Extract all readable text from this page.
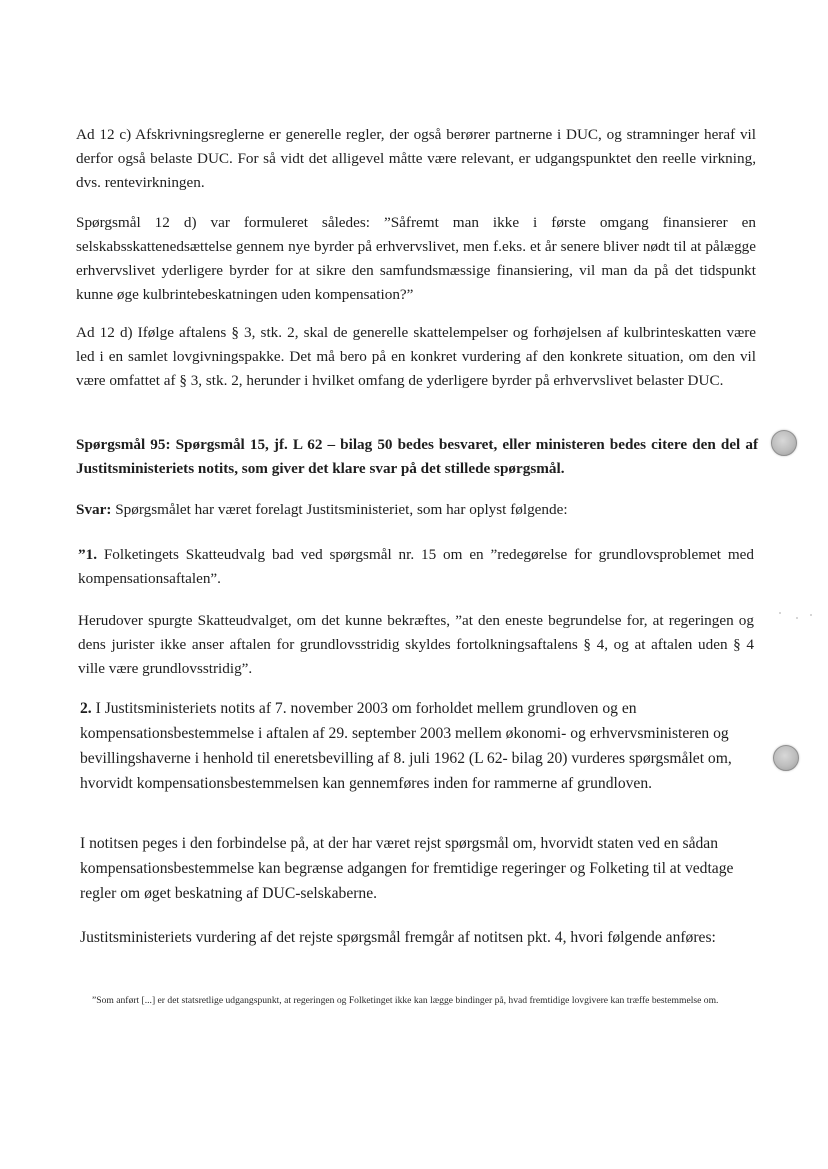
Ad 12 c) Afskrivningsreglerne er generelle regler, der også berører partnerne i DUC, og stramninger heraf vil derfor også belaste DUC. For så vidt det alligevel måtte være relevant, er udgangspunktet den reelle virkning, dvs. rentevirkningen.

Spørgsmål 12 d) var formuleret således: ”Såfremt man ikke i første omgang finansierer en selskabsskattenedsættelse gennem nye byrder på erhvervslivet, men f.eks. et år senere bliver nødt til at pålægge erhvervslivet yderligere byrder for at sikre den samfundsmæssige finansiering, vil man da på det tidspunkt kunne øge kulbrintebeskatningen uden kompensation?”

Ad 12 d) Ifølge aftalens § 3, stk. 2, skal de generelle skattelempelser og forhøjelsen af kulbrinteskatten være led i en samlet lovgivningspakke. Det må bero på en konkret vurdering af den konkrete situation, om den vil være omfattet af § 3, stk. 2, herunder i hvilket omfang de yderligere byrder på erhvervslivet belaster DUC.

Spørgsmål 95: Spørgsmål 15, jf. L 62 – bilag 50 bedes besvaret, eller ministeren bedes citere den del af Justitsministeriets notits, som giver det klare svar på det stillede spørgsmål.

Svar: Spørgsmålet har været forelagt Justitsministeriet, som har oplyst følgende:

”1. Folketingets Skatteudvalg bad ved spørgsmål nr. 15 om en ”redegørelse for grundlovsproblemet med kompensationsaftalen”.

Herudover spurgte Skatteudvalget, om det kunne bekræftes, ”at den eneste begrundelse for, at regeringen og dens jurister ikke anser aftalen for grundlovsstridig skyldes fortolkningsaftalens § 4, og at aftalen uden § 4 ville være grundlovsstridig”.

2. I Justitsministeriets notits af 7. november 2003 om forholdet mellem grundloven og en kompensationsbestemmelse i aftalen af 29. september 2003 mellem økonomi- og erhvervsministeren og bevillingshaverne i henhold til eneretsbevilling af 8. juli 1962 (L 62- bilag 20) vurderes spørgsmålet om, hvorvidt kompensationsbestemmelsen kan gennemføres inden for rammerne af grundloven.

I notitsen peges i den forbindelse på, at der har været rejst spørgsmål om, hvorvidt staten ved en sådan kompensationsbestemmelse kan begrænse adgangen for fremtidige regeringer og Folketing til at vedtage regler om øget beskatning af DUC-selskaberne.

Justitsministeriets vurdering af det rejste spørgsmål fremgår af notitsen pkt. 4, hvori følgende anføres:

”Som anført [...] er det statsretlige udgangspunkt, at regeringen og Folketinget ikke kan lægge bindinger på, hvad fremtidige lovgivere kan træffe bestemmelse om.
